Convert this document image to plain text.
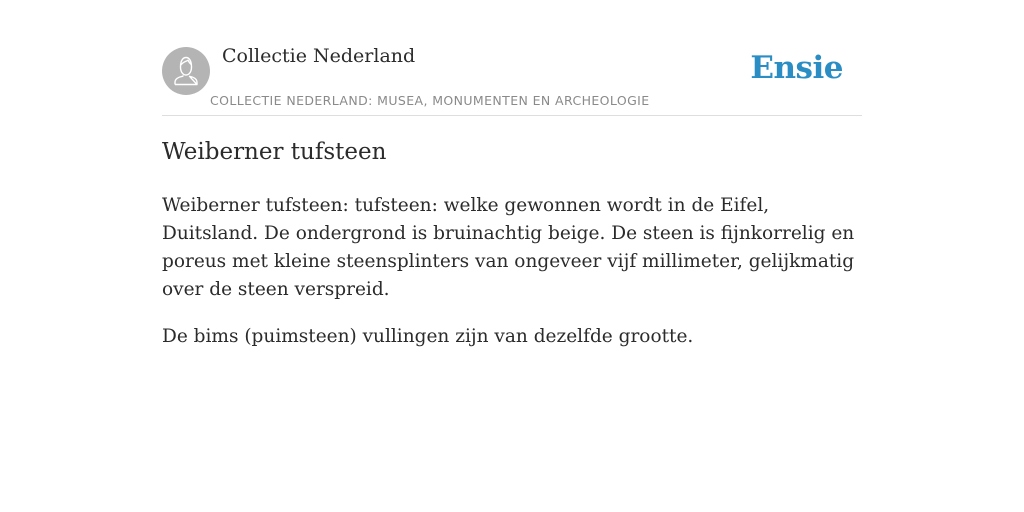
Collectie Nederland
COLLECTIE NEDERLAND: MUSEA, MONUMENTEN EN ARCHEOLOGIE
Ensie
Weiberner tufsteen

Weiberner tufsteen: tufsteen: welke gewonnen wordt in de Eifel, Duitsland. De ondergrond is bruinachtig beige. De steen is fijnkorrelig en poreus met kleine steensplinters van ongeveer vijf millimeter, gelijkmatig over de steen verspreid.

De bims (puimsteen) vullingen zijn van dezelfde grootte.
